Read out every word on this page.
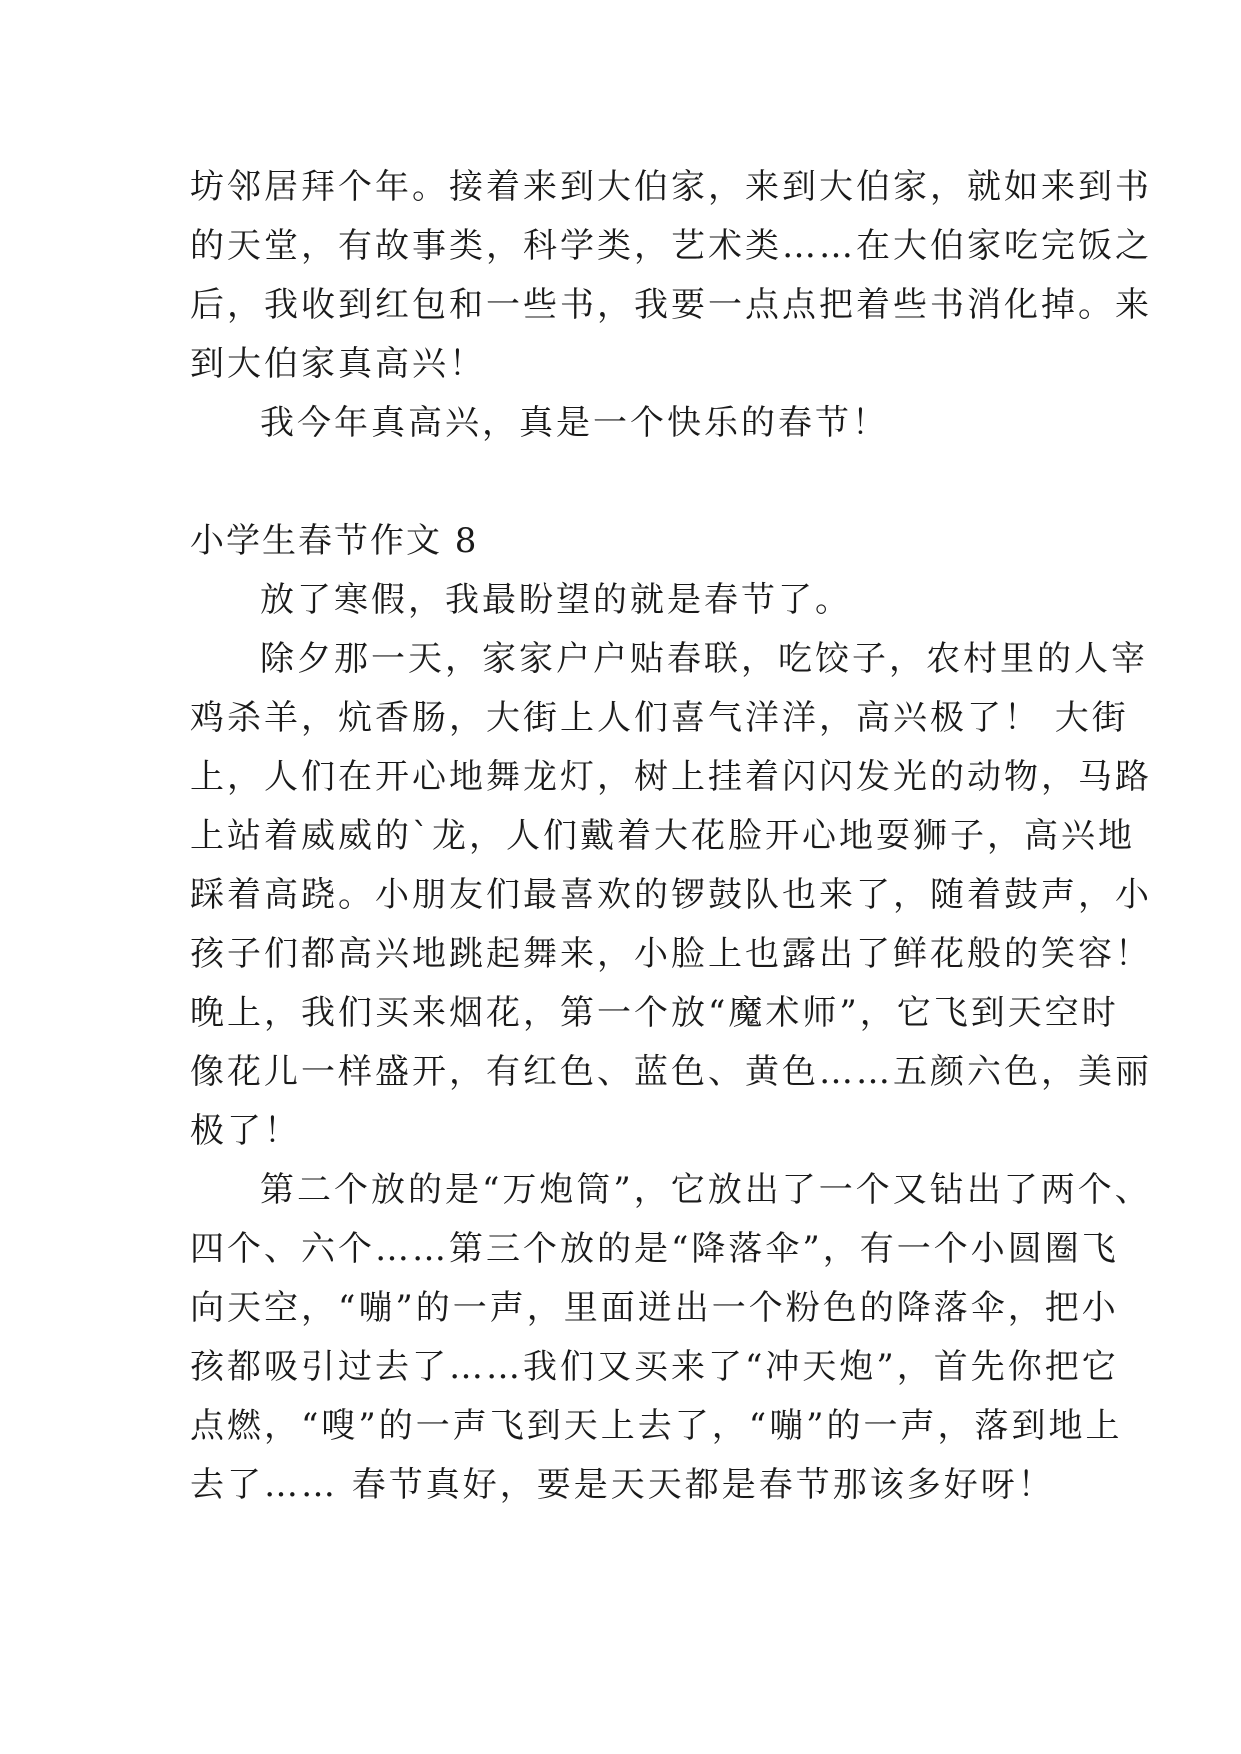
坊邻居拜个年。接着来到大伯家，来到大伯家，就如来到书
的天堂，有故事类，科学类，艺术类……在大伯家吃完饭之
后，我收到红包和一些书，我要一点点把着些书消化掉。来
到大伯家真高兴！
我今年真高兴，真是一个快乐的春节！
小学生春节作文 8
放了寒假，我最盼望的就是春节了。
除夕那一天，家家户户贴春联，吃饺子，农村里的人宰
鸡杀羊，炕香肠，大街上人们喜气洋洋，高兴极了！ 大街
上，人们在开心地舞龙灯，树上挂着闪闪发光的动物，马路
上站着威威的`龙，人们戴着大花脸开心地耍狮子，高兴地
踩着高跷。小朋友们最喜欢的锣鼓队也来了，随着鼓声，小
孩子们都高兴地跳起舞来，小脸上也露出了鲜花般的笑容！
晚上，我们买来烟花，第一个放“魔术师”，它飞到天空时
像花儿一样盛开，有红色、蓝色、黄色……五颜六色，美丽
极了！
第二个放的是“万炮筒”，它放出了一个又钻出了两个、
四个、六个……第三个放的是“降落伞”，有一个小圆圈飞
向天空，“嘣”的一声，里面迸出一个粉色的降落伞，把小
孩都吸引过去了……我们又买来了“冲天炮”，首先你把它
点燃，“嗖”的一声飞到天上去了，“嘣”的一声，落到地上
去了…… 春节真好，要是天天都是春节那该多好呀！
